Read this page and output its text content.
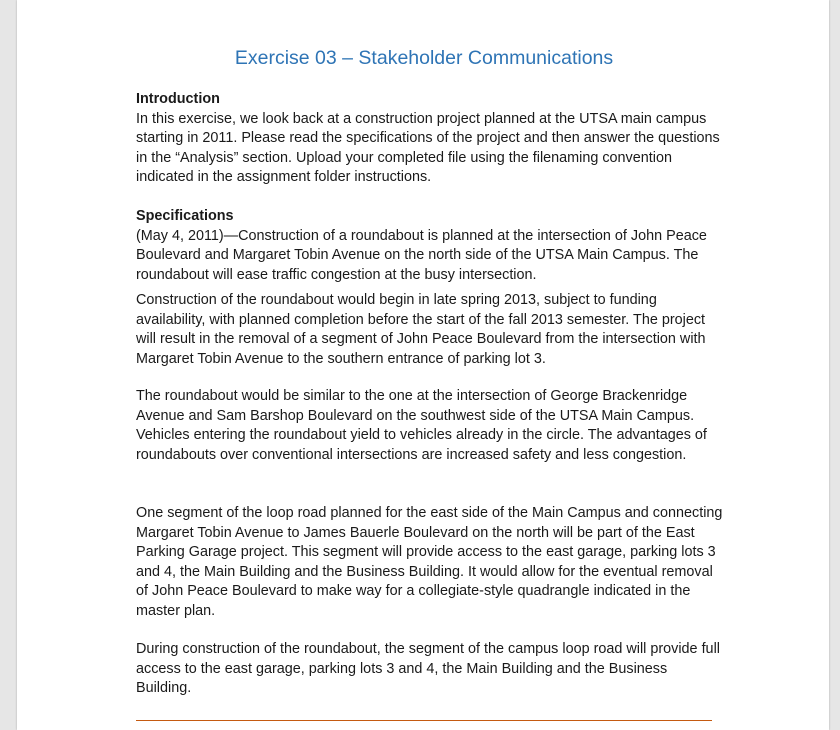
Exercise 03 – Stakeholder Communications
Introduction

In this exercise, we look back at a construction project planned at the UTSA main campus starting in 2011. Please read the specifications of the project and then answer the questions in the “Analysis” section. Upload your completed file using the filenaming convention indicated in the assignment folder instructions.

Specifications

(May 4, 2011)—Construction of a roundabout is planned at the intersection of John Peace Boulevard and Margaret Tobin Avenue on the north side of the UTSA Main Campus. The roundabout will ease traffic congestion at the busy intersection.

Construction of the roundabout would begin in late spring 2013, subject to funding availability, with planned completion before the start of the fall 2013 semester. The project will result in the removal of a segment of John Peace Boulevard from the intersection with Margaret Tobin Avenue to the southern entrance of parking lot 3.

The roundabout would be similar to the one at the intersection of George Brackenridge Avenue and Sam Barshop Boulevard on the southwest side of the UTSA Main Campus. Vehicles entering the roundabout yield to vehicles already in the circle. The advantages of roundabouts over conventional intersections are increased safety and less congestion.

One segment of the loop road planned for the east side of the Main Campus and connecting Margaret Tobin Avenue to James Bauerle Boulevard on the north will be part of the East Parking Garage project. This segment will provide access to the east garage, parking lots 3 and 4, the Main Building and the Business Building. It would allow for the eventual removal of John Peace Boulevard to make way for a collegiate-style quadrangle indicated in the master plan.

During construction of the roundabout, the segment of the campus loop road will provide full access to the east garage, parking lots 3 and 4, the Main Building and the Business Building.
